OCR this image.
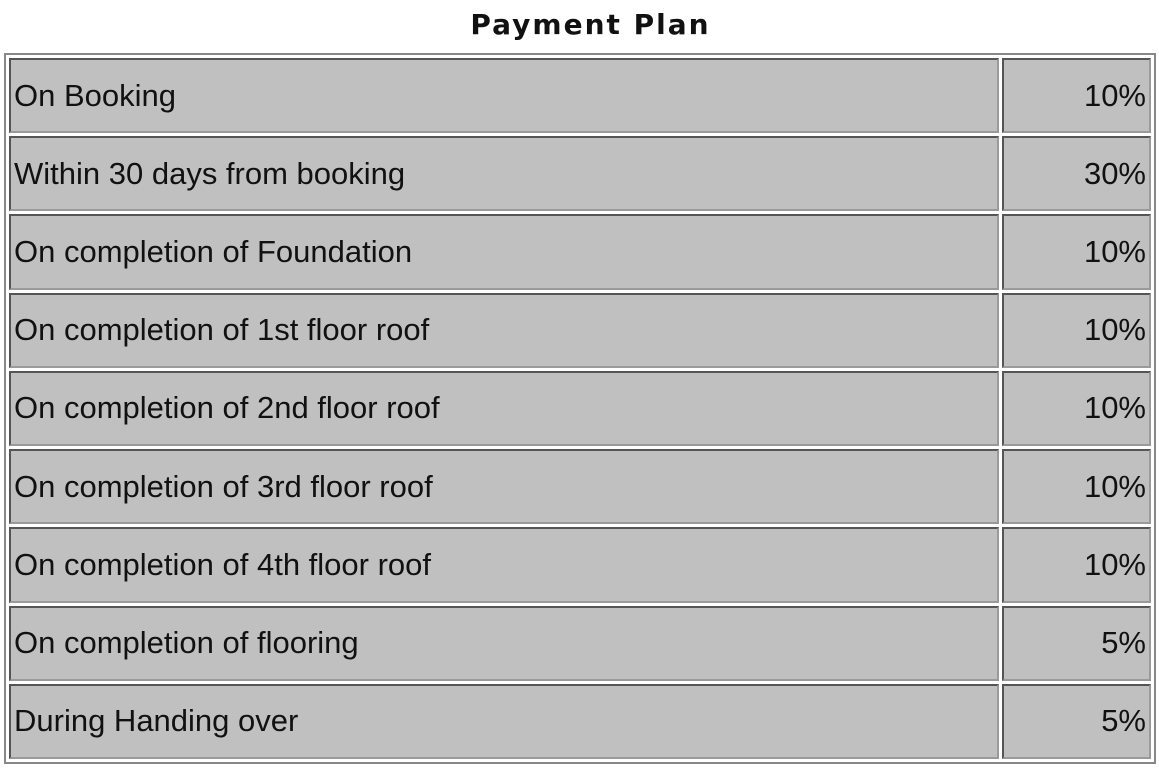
Payment Plan
On Booking	10%
Within 30 days from booking	30%
On completion of Foundation	10%
On completion of 1st floor roof	10%
On completion of 2nd floor roof	10%
On completion of 3rd floor roof	10%
On completion of 4th floor roof	10%
On completion of flooring	5%
During Handing over	5%
